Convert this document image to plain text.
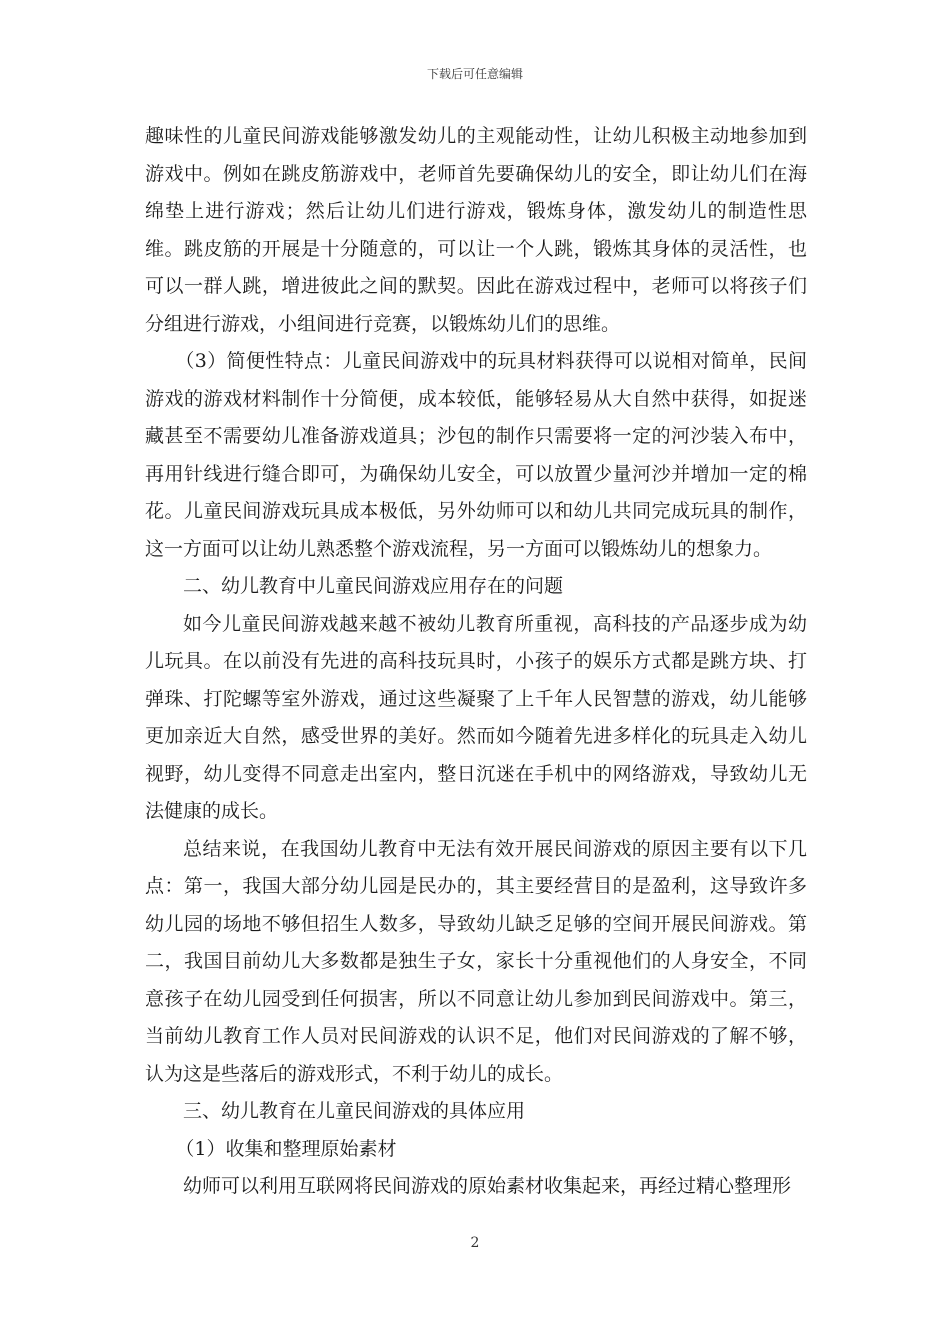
下载后可任意编辑

趣味性的儿童民间游戏能够激发幼儿的主观能动性，让幼儿积极主动地参加到游戏中。例如在跳皮筋游戏中，老师首先要确保幼儿的安全，即让幼儿们在海绵垫上进行游戏；然后让幼儿们进行游戏，锻炼身体，激发幼儿的制造性思维。跳皮筋的开展是十分随意的，可以让一个人跳，锻炼其身体的灵活性，也可以一群人跳，增进彼此之间的默契。因此在游戏过程中，老师可以将孩子们分组进行游戏，小组间进行竞赛，以锻炼幼儿们的思维。

（3）简便性特点：儿童民间游戏中的玩具材料获得可以说相对简单，民间游戏的游戏材料制作十分简便，成本较低，能够轻易从大自然中获得，如捉迷藏甚至不需要幼儿准备游戏道具；沙包的制作只需要将一定的河沙装入布中，再用针线进行缝合即可，为确保幼儿安全，可以放置少量河沙并增加一定的棉花。儿童民间游戏玩具成本极低，另外幼师可以和幼儿共同完成玩具的制作，这一方面可以让幼儿熟悉整个游戏流程，另一方面可以锻炼幼儿的想象力。

二、幼儿教育中儿童民间游戏应用存在的问题

如今儿童民间游戏越来越不被幼儿教育所重视，高科技的产品逐步成为幼儿玩具。在以前没有先进的高科技玩具时，小孩子的娱乐方式都是跳方块、打弹珠、打陀螺等室外游戏，通过这些凝聚了上千年人民智慧的游戏，幼儿能够更加亲近大自然，感受世界的美好。然而如今随着先进多样化的玩具走入幼儿视野，幼儿变得不同意走出室内，整日沉迷在手机中的网络游戏，导致幼儿无法健康的成长。

总结来说，在我国幼儿教育中无法有效开展民间游戏的原因主要有以下几点：第一，我国大部分幼儿园是民办的，其主要经营目的是盈利，这导致许多幼儿园的场地不够但招生人数多，导致幼儿缺乏足够的空间开展民间游戏。第二，我国目前幼儿大多数都是独生子女，家长十分重视他们的人身安全，不同意孩子在幼儿园受到任何损害，所以不同意让幼儿参加到民间游戏中。第三，当前幼儿教育工作人员对民间游戏的认识不足，他们对民间游戏的了解不够，认为这是些落后的游戏形式，不利于幼儿的成长。

三、幼儿教育在儿童民间游戏的具体应用

（1）收集和整理原始素材

幼师可以利用互联网将民间游戏的原始素材收集起来，再经过精心整理形

2
